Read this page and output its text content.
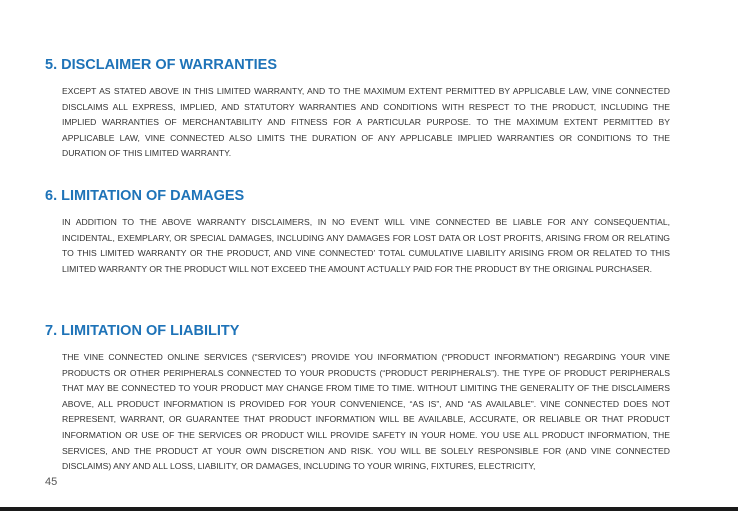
5. DISCLAIMER OF WARRANTIES

EXCEPT AS STATED ABOVE IN THIS LIMITED WARRANTY, AND TO THE MAXIMUM EXTENT PERMITTED BY APPLICABLE LAW, VINE CONNECTED DISCLAIMS ALL EXPRESS, IMPLIED, AND STATUTORY WARRANTIES AND CONDITIONS WITH RESPECT TO THE PRODUCT, INCLUDING THE IMPLIED WARRANTIES OF MERCHANTABILITY AND FITNESS FOR A PARTICULAR PURPOSE. TO THE MAXIMUM EXTENT PERMITTED BY APPLICABLE LAW, VINE CONNECTED ALSO LIMITS THE DURATION OF ANY APPLICABLE IMPLIED WARRANTIES OR CONDITIONS TO THE DURATION OF THIS LIMITED WARRANTY.

6. LIMITATION OF DAMAGES

IN ADDITION TO THE ABOVE WARRANTY DISCLAIMERS, IN NO EVENT WILL VINE CONNECTED BE LIABLE FOR ANY CONSEQUENTIAL, INCIDENTAL, EXEMPLARY, OR SPECIAL DAMAGES, INCLUDING ANY DAMAGES FOR LOST DATA OR LOST PROFITS, ARISING FROM OR RELATING TO THIS LIMITED WARRANTY OR THE PRODUCT, AND VINE CONNECTED’ TOTAL CUMULATIVE LIABILITY ARISING FROM OR RELATED TO THIS LIMITED WARRANTY OR THE PRODUCT WILL NOT EXCEED THE AMOUNT ACTUALLY PAID FOR THE PRODUCT BY THE ORIGINAL PURCHASER.

7. LIMITATION OF LIABILITY

THE VINE CONNECTED ONLINE SERVICES (“SERVICES”) PROVIDE YOU INFORMATION (“PRODUCT INFORMATION”) REGARDING YOUR VINE PRODUCTS OR OTHER PERIPHERALS CONNECTED TO YOUR PRODUCTS (“PRODUCT PERIPHERALS”). THE TYPE OF PRODUCT PERIPHERALS THAT MAY BE CONNECTED TO YOUR PRODUCT MAY CHANGE FROM TIME TO TIME. WITHOUT LIMITING THE GENERALITY OF THE DISCLAIMERS ABOVE, ALL PRODUCT INFORMATION IS PROVIDED FOR YOUR CONVENIENCE, “AS IS”, AND “AS AVAILABLE”. VINE CONNECTED DOES NOT REPRESENT, WARRANT, OR GUARANTEE THAT PRODUCT INFORMATION WILL BE AVAILABLE, ACCURATE, OR RELIABLE OR THAT PRODUCT INFORMATION OR USE OF THE SERVICES OR PRODUCT WILL PROVIDE SAFETY IN YOUR HOME. YOU USE ALL PRODUCT INFORMATION, THE SERVICES, AND THE PRODUCT AT YOUR OWN DISCRETION AND RISK. YOU WILL BE SOLELY RESPONSIBLE FOR (AND VINE CONNECTED DISCLAIMS) ANY AND ALL LOSS, LIABILITY, OR DAMAGES, INCLUDING TO YOUR WIRING, FIXTURES, ELECTRICITY,

45
